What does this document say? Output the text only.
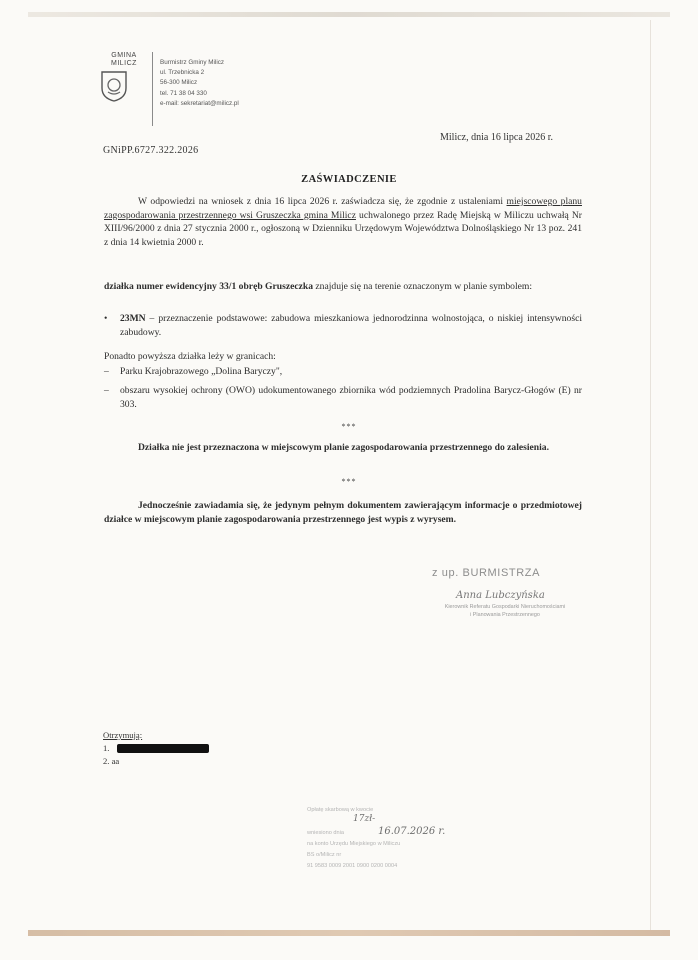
GMINA
MILICZ	Burmistrz Gminy Milicz
ul. Trzebnicka 2
56-300 Milicz
tel. 71 38 04 330
e-mail: sekretariat@milicz.pl
Milicz, dnia 16 lipca 2026 r.
GNiPP.6727.322.2026
ZAŚWIADCZENIE
W odpowiedzi na wniosek z dnia 16 lipca 2026 r. zaświadcza się, że zgodnie z ustaleniami miejscowego planu zagospodarowania przestrzennego wsi Gruszeczka gmina Milicz uchwalonego przez Radę Miejską w Miliczu uchwałą Nr XIII/96/2000 z dnia 27 stycznia 2000 r., ogłoszoną w Dzienniku Urzędowym Województwa Dolnośląskiego Nr 13 poz. 241 z dnia 14 kwietnia 2000 r.
działka numer ewidencyjny 33/1 obręb Gruszeczka znajduje się na terenie oznaczonym w planie symbolem:
• 23MN – przeznaczenie podstawowe: zabudowa mieszkaniowa jednorodzinna wolnostojąca, o niskiej intensywności zabudowy.
Ponadto powyższa działka leży w granicach:
– Parku Krajobrazowego „Dolina Baryczy",
– obszaru wysokiej ochrony (OWO) udokumentowanego zbiornika wód podziemnych Pradolina Barycz-Głogów (E) nr 303.
***
Działka nie jest przeznaczona w miejscowym planie zagospodarowania przestrzennego do zalesienia.
***
Jednocześnie zawiadamia się, że jedynym pełnym dokumentem zawierającym informacje o przedmiotowej działce w miejscowym planie zagospodarowania przestrzennego jest wypis z wyrysem.
z up. BURMISTRZA
Anna Lubczyńska
Kierownik Referatu Gospodarki Nieruchomościami
i Planowania Przestrzennego
Otrzymują:
1.
2. aa
Opłatę skarbową w kwocie

wniesiono dnia
na konto Urzędu Miejskiego w Miliczu
BS o/Milicz nr
91 9583 0009 2001 0900 0200 0004
17zł-
16.07.2026 r.
